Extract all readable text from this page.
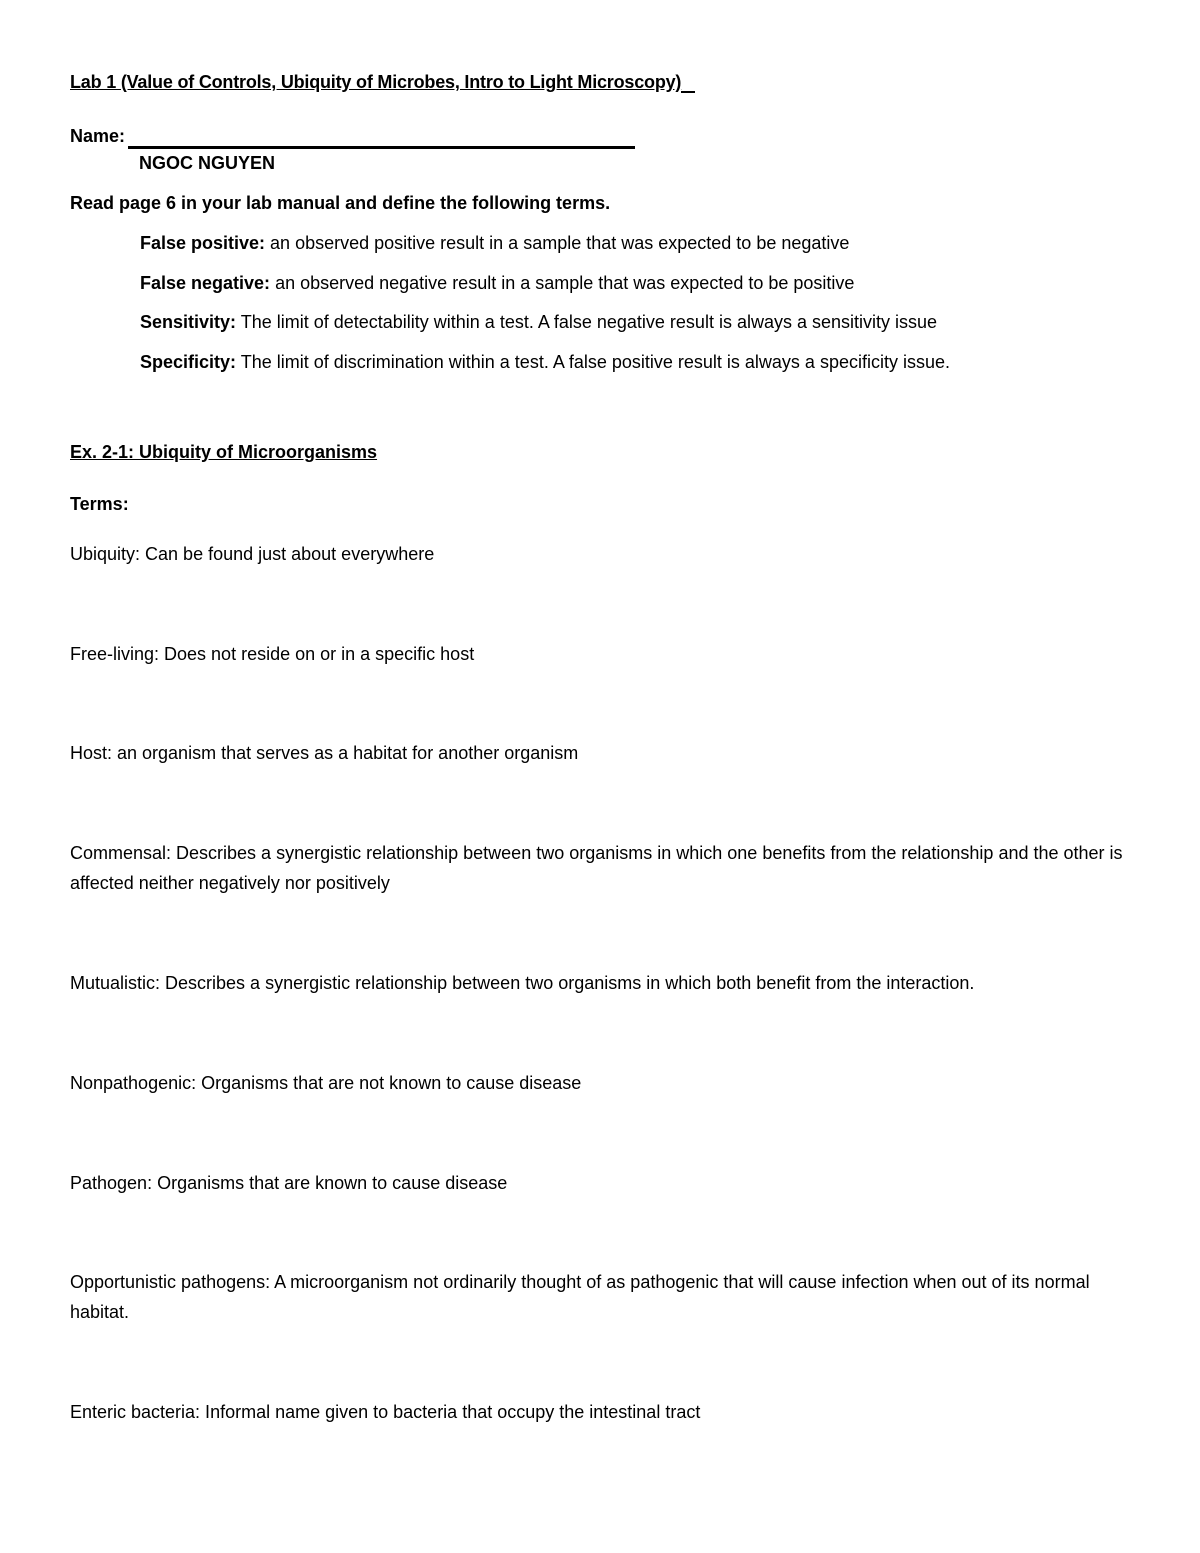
Lab 1 (Value of Controls, Ubiquity of Microbes, Intro to Light Microscopy)
Name:
NGOC NGUYEN
Read page 6 in your lab manual and define the following terms.
False positive: an observed positive result in a sample that was expected to be negative
False negative: an observed negative result in a sample that was expected to be positive
Sensitivity: The limit of detectability within a test. A false negative result is always a sensitivity issue
Specificity: The limit of discrimination within a test. A false positive result is always a specificity issue.
Ex. 2-1: Ubiquity of Microorganisms
Terms:
Ubiquity: Can be found just about everywhere
Free-living: Does not reside on or in a specific host
Host: an organism that serves as a habitat for another organism
Commensal: Describes a synergistic relationship between two organisms in which one benefits from the relationship and the other is affected neither negatively nor positively
Mutualistic: Describes a synergistic relationship between two organisms in which both benefit from the interaction.
Nonpathogenic: Organisms that are not known to cause disease
Pathogen: Organisms that are known to cause disease
Opportunistic pathogens: A microorganism not ordinarily thought of as pathogenic that will cause infection when out of its normal habitat.
Enteric bacteria: Informal name given to bacteria that occupy the intestinal tract
